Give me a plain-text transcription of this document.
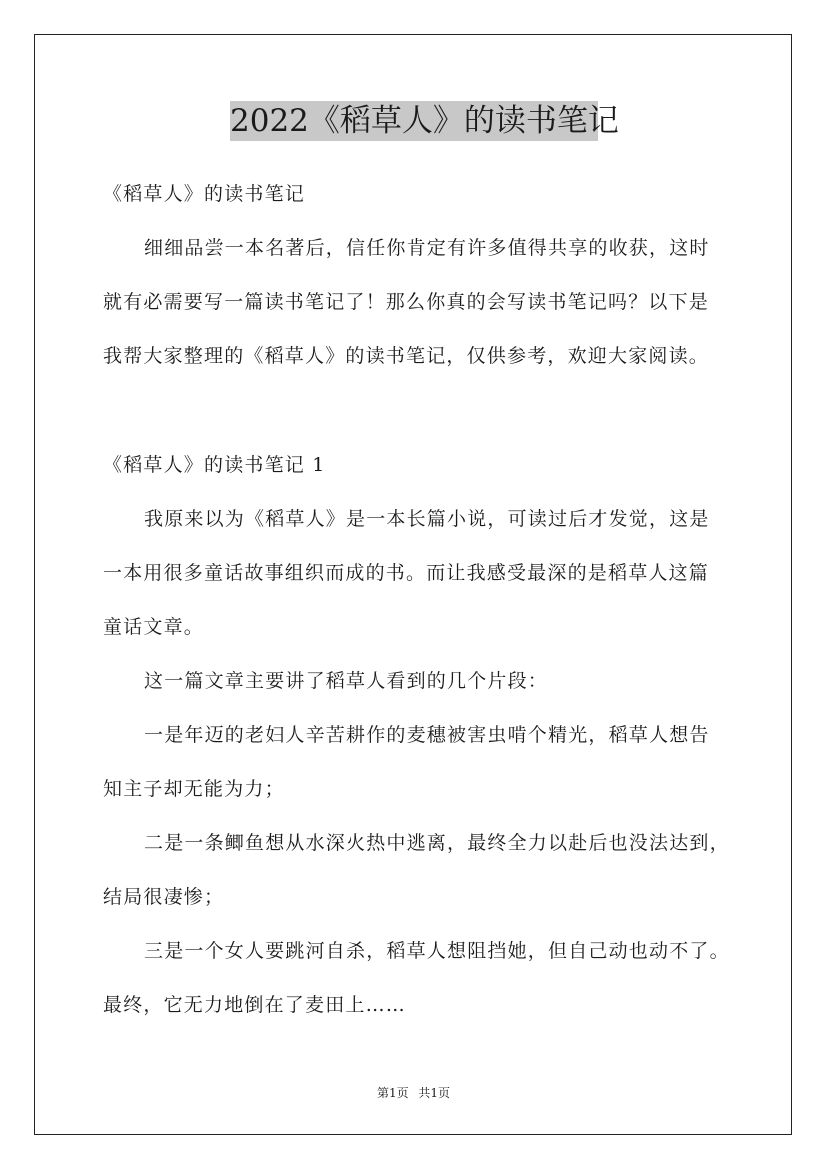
2022《稻草人》的读书笔记
《稻草人》的读书笔记
细细品尝一本名著后，信任你肯定有许多值得共享的收获，这时
就有必需要写一篇读书笔记了！那么你真的会写读书笔记吗？以下是
我帮大家整理的《稻草人》的读书笔记，仅供参考，欢迎大家阅读。
《稻草人》的读书笔记 1
我原来以为《稻草人》是一本长篇小说，可读过后才发觉，这是
一本用很多童话故事组织而成的书。而让我感受最深的是稻草人这篇
童话文章。
这一篇文章主要讲了稻草人看到的几个片段：
一是年迈的老妇人辛苦耕作的麦穗被害虫啃个精光，稻草人想告
知主子却无能为力；
二是一条鲫鱼想从水深火热中逃离，最终全力以赴后也没法达到，
结局很凄惨；
三是一个女人要跳河自杀，稻草人想阻挡她，但自己动也动不了。
最终，它无力地倒在了麦田上……
第1页 共1页
